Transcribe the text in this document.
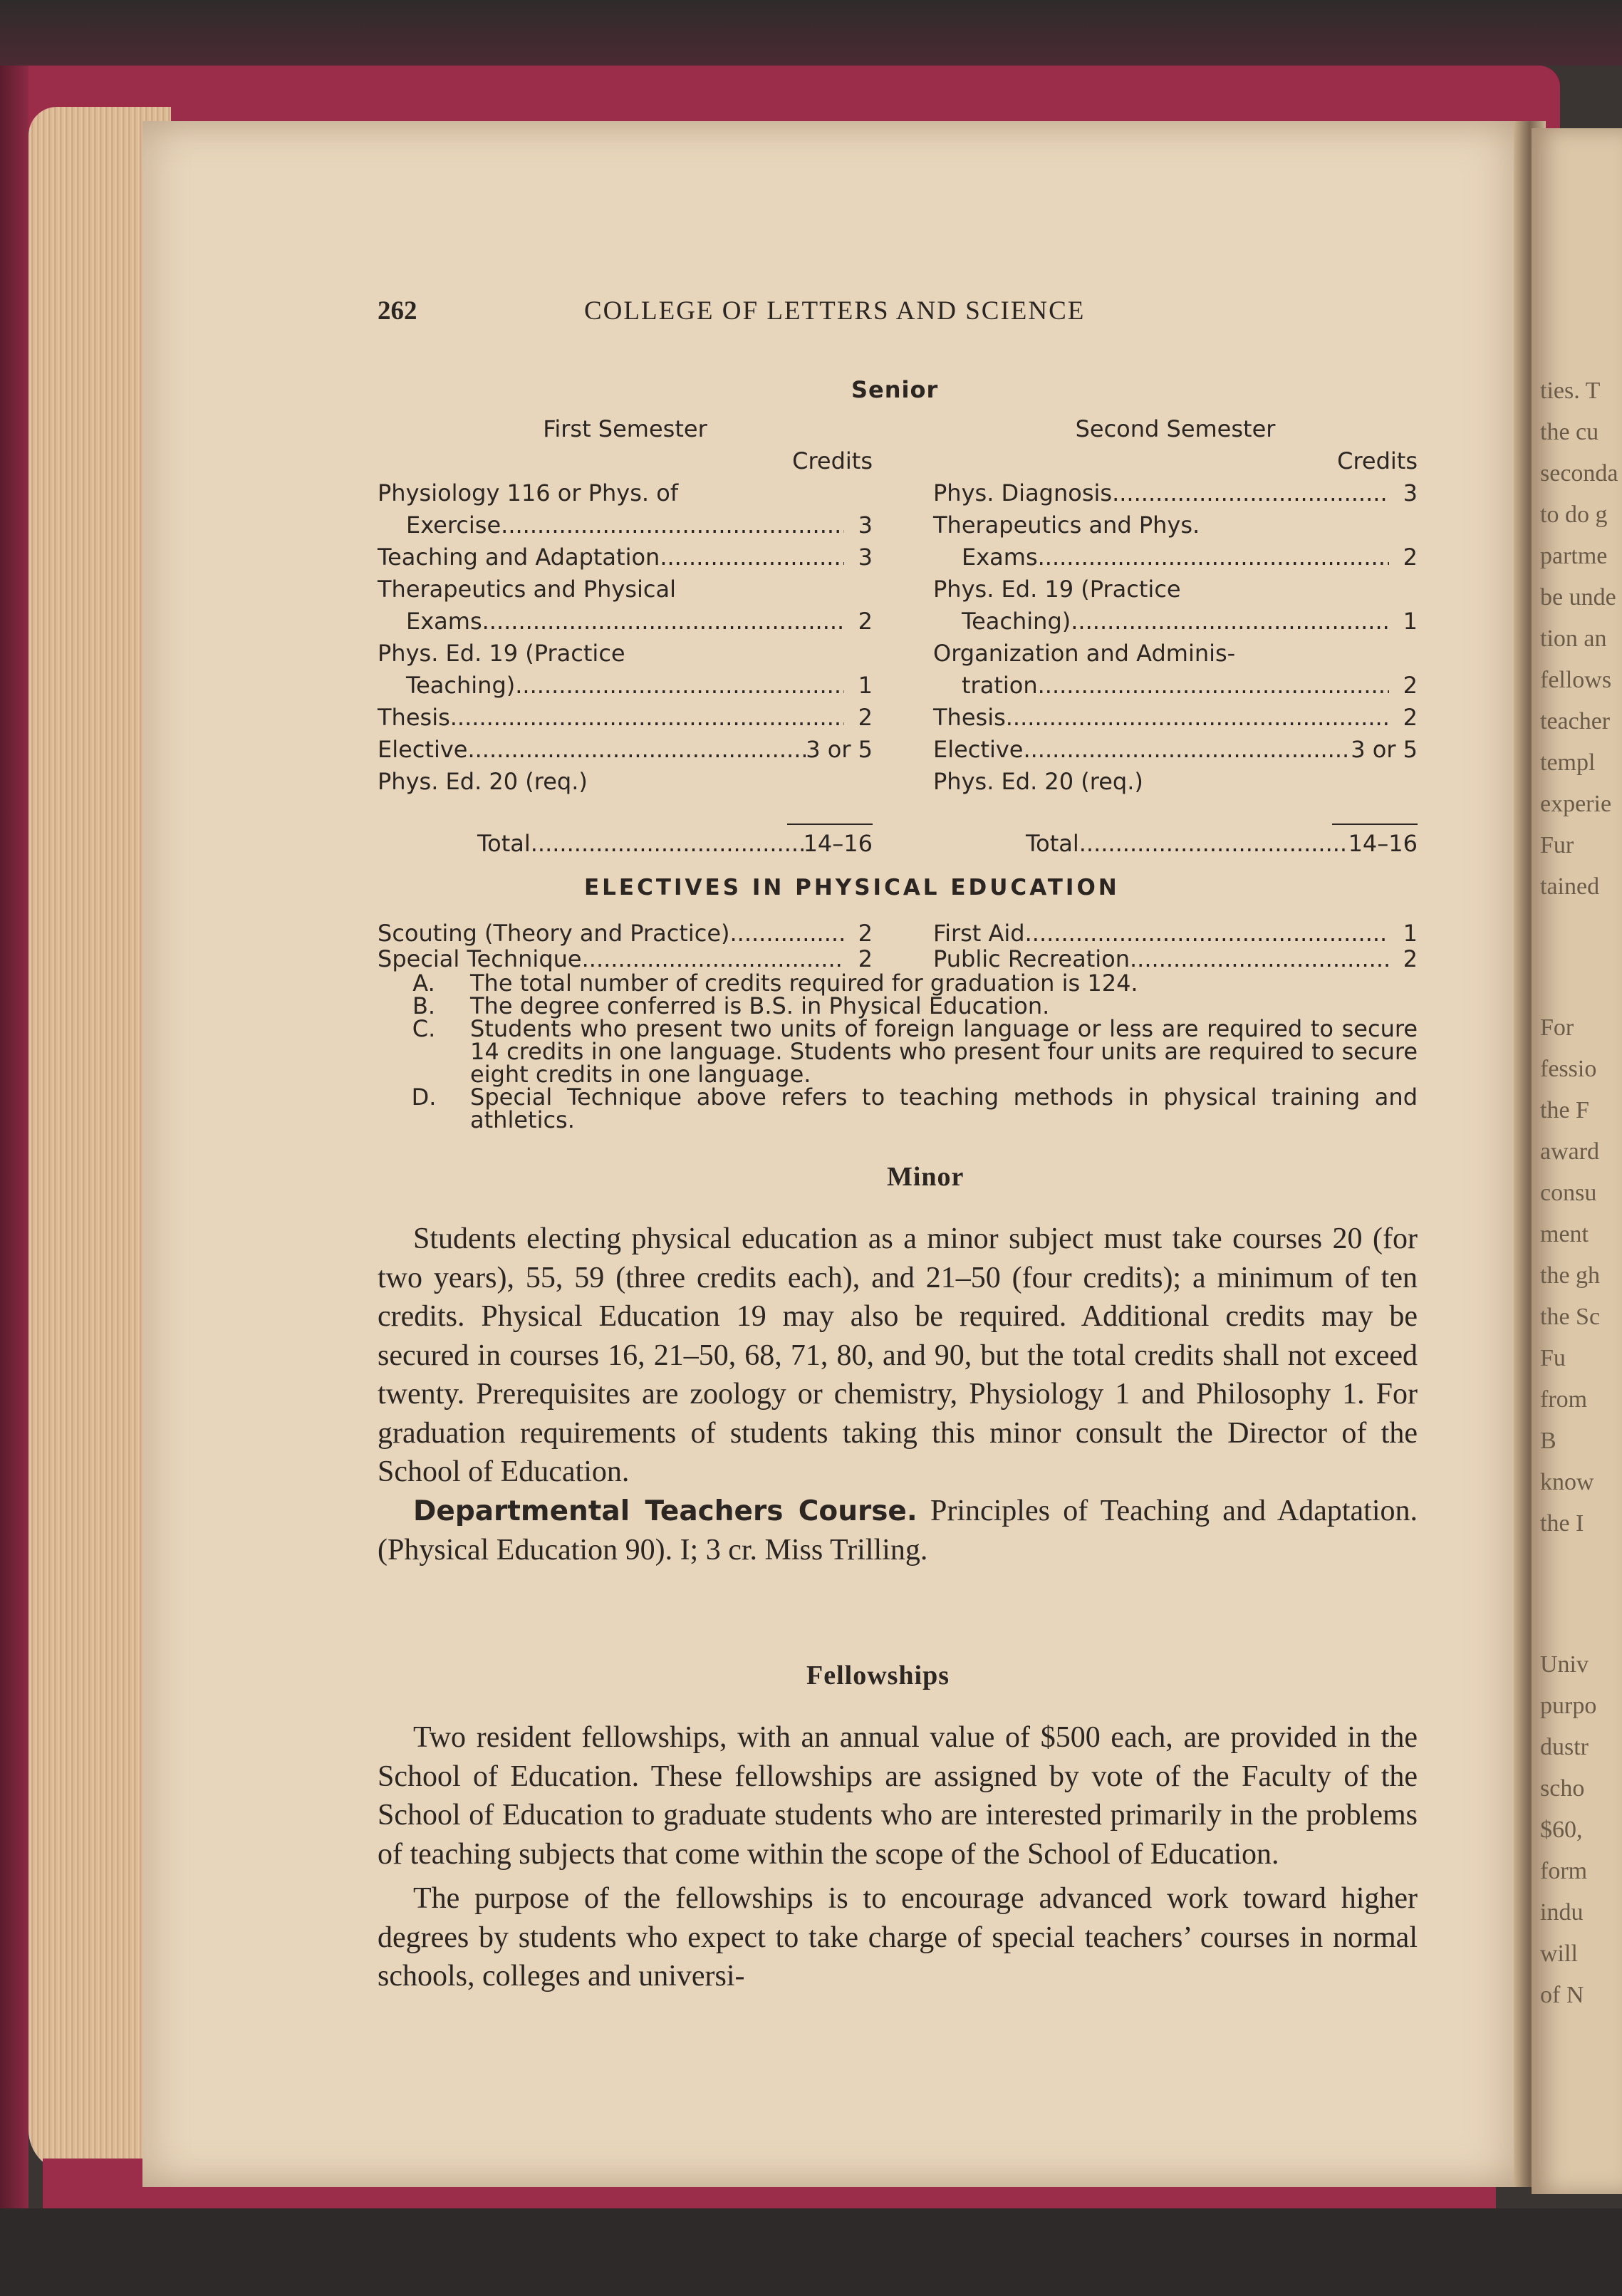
ties. T
the cu
seconda
to do g
partme
be unde
tion an
fellows
teacher
templ
experie
Fur
tained
For
fessio
the F
award
consu
ment
the gh
the Sc
Fu
from
B
know
the I
Univ
purpo
dustr
scho
$60,
form
indu
will
of N
262	COLLEGE OF LETTERS AND SCIENCE
Senior
First Semester
Credits
Physiology 116 or Phys. of
Exercise .....	3
Teaching and Adaptation .....	3
Therapeutics and Physical
Exams .....	2
Phys. Ed. 19 (Practice
Teaching) .....	1
Thesis .....	2
Elective .....	3 or 5
Phys. Ed. 20 (req.)
Total .....	14–16
Second Semester
Credits
Phys. Diagnosis .....	3
Therapeutics and Phys.
Exams .....	2
Phys. Ed. 19 (Practice
Teaching) .....	1
Organization and Adminis-
tration .....	2
Thesis .....	2
Elective .....	3 or 5
Phys. Ed. 20 (req.)
Total .....	14–16
ELECTIVES IN PHYSICAL EDUCATION
Scouting (Theory and Practice) .....	2
Special Technique .....	2
First Aid .....	1
Public Recreation .....	2
A.	The total number of credits required for graduation is 124.
B.	The degree conferred is B.S. in Physical Education.
C.	Students who present two units of foreign language or less are required to secure 14 credits in one language. Students who present four units are required to secure eight credits in one language.
D.	Special Technique above refers to teaching methods in physical training and athletics.
Minor

Students electing physical education as a minor subject must take courses 20 (for two years), 55, 59 (three credits each), and 21–50 (four credits); a minimum of ten credits. Physical Education 19 may also be required. Additional credits may be secured in courses 16, 21–50, 68, 71, 80, and 90, but the total credits shall not exceed twenty. Prerequisites are zoology or chemistry, Physiology 1 and Philosophy 1. For graduation requirements of students taking this minor consult the Director of the School of Education.

Departmental Teachers Course. Principles of Teaching and Adaptation. (Physical Education 90). I; 3 cr. Miss Trilling.

Fellowships

Two resident fellowships, with an annual value of $500 each, are provided in the School of Education. These fellowships are assigned by vote of the Faculty of the School of Education to graduate students who are interested primarily in the problems of teaching subjects that come within the scope of the School of Education.

The purpose of the fellowships is to encourage advanced work toward higher degrees by students who expect to take charge of special teachers’ courses in normal schools, colleges and universi-
